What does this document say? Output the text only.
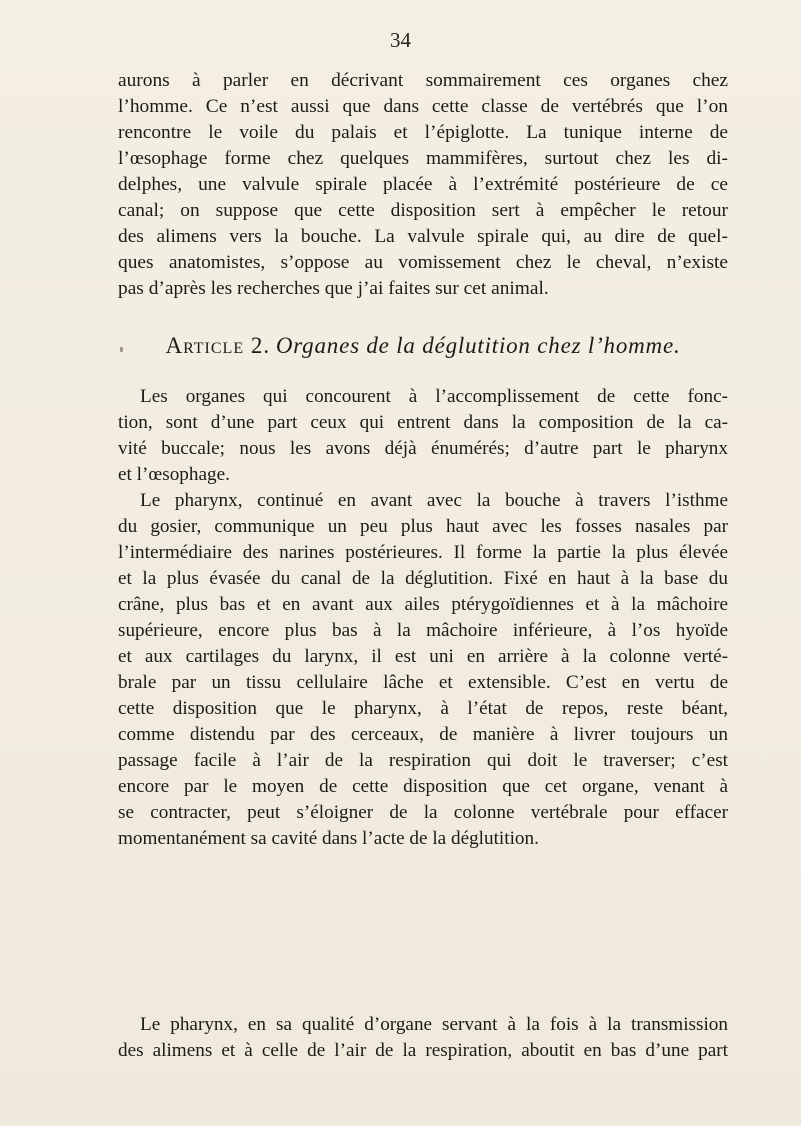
34
aurons à parler en décrivant sommairement ces organes chez
l’homme. Ce n’est aussi que dans cette classe de vertébrés que l’on
rencontre le voile du palais et l’épiglotte. La tunique interne de
l’œsophage forme chez quelques mammifères, surtout chez les di-
delphes, une valvule spirale placée à l’extrémité postérieure de ce
canal; on suppose que cette disposition sert à empêcher le retour
des alimens vers la bouche. La valvule spirale qui, au dire de quel-
ques anatomistes, s’oppose au vomissement chez le cheval, n’existe
pas d’après les recherches que j’ai faites sur cet animal.
Article 2. Organes de la déglutition chez l’homme.
Les organes qui concourent à l’accomplissement de cette fonc-
tion, sont d’une part ceux qui entrent dans la composition de la ca-
vité buccale; nous les avons déjà énumérés; d’autre part le pharynx
et l’œsophage.
Le pharynx, continué en avant avec la bouche à travers l’isthme
du gosier, communique un peu plus haut avec les fosses nasales par
l’intermédiaire des narines postérieures. Il forme la partie la plus élevée
et la plus évasée du canal de la déglutition. Fixé en haut à la base du
crâne, plus bas et en avant aux ailes ptérygoïdiennes et à la mâchoire
supérieure, encore plus bas à la mâchoire inférieure, à l’os hyoïde
et aux cartilages du larynx, il est uni en arrière à la colonne verté-
brale par un tissu cellulaire lâche et extensible. C’est en vertu de
cette disposition que le pharynx, à l’état de repos, reste béant,
comme distendu par des cerceaux, de manière à livrer toujours un
passage facile à l’air de la respiration qui doit le traverser; c’est
encore par le moyen de cette disposition que cet organe, venant à
se contracter, peut s’éloigner de la colonne vertébrale pour effacer
momentanément sa cavité dans l’acte de la déglutition.
Le pharynx, en sa qualité d’organe servant à la fois à la transmission
des alimens et à celle de l’air de la respiration, aboutit en bas d’une part
